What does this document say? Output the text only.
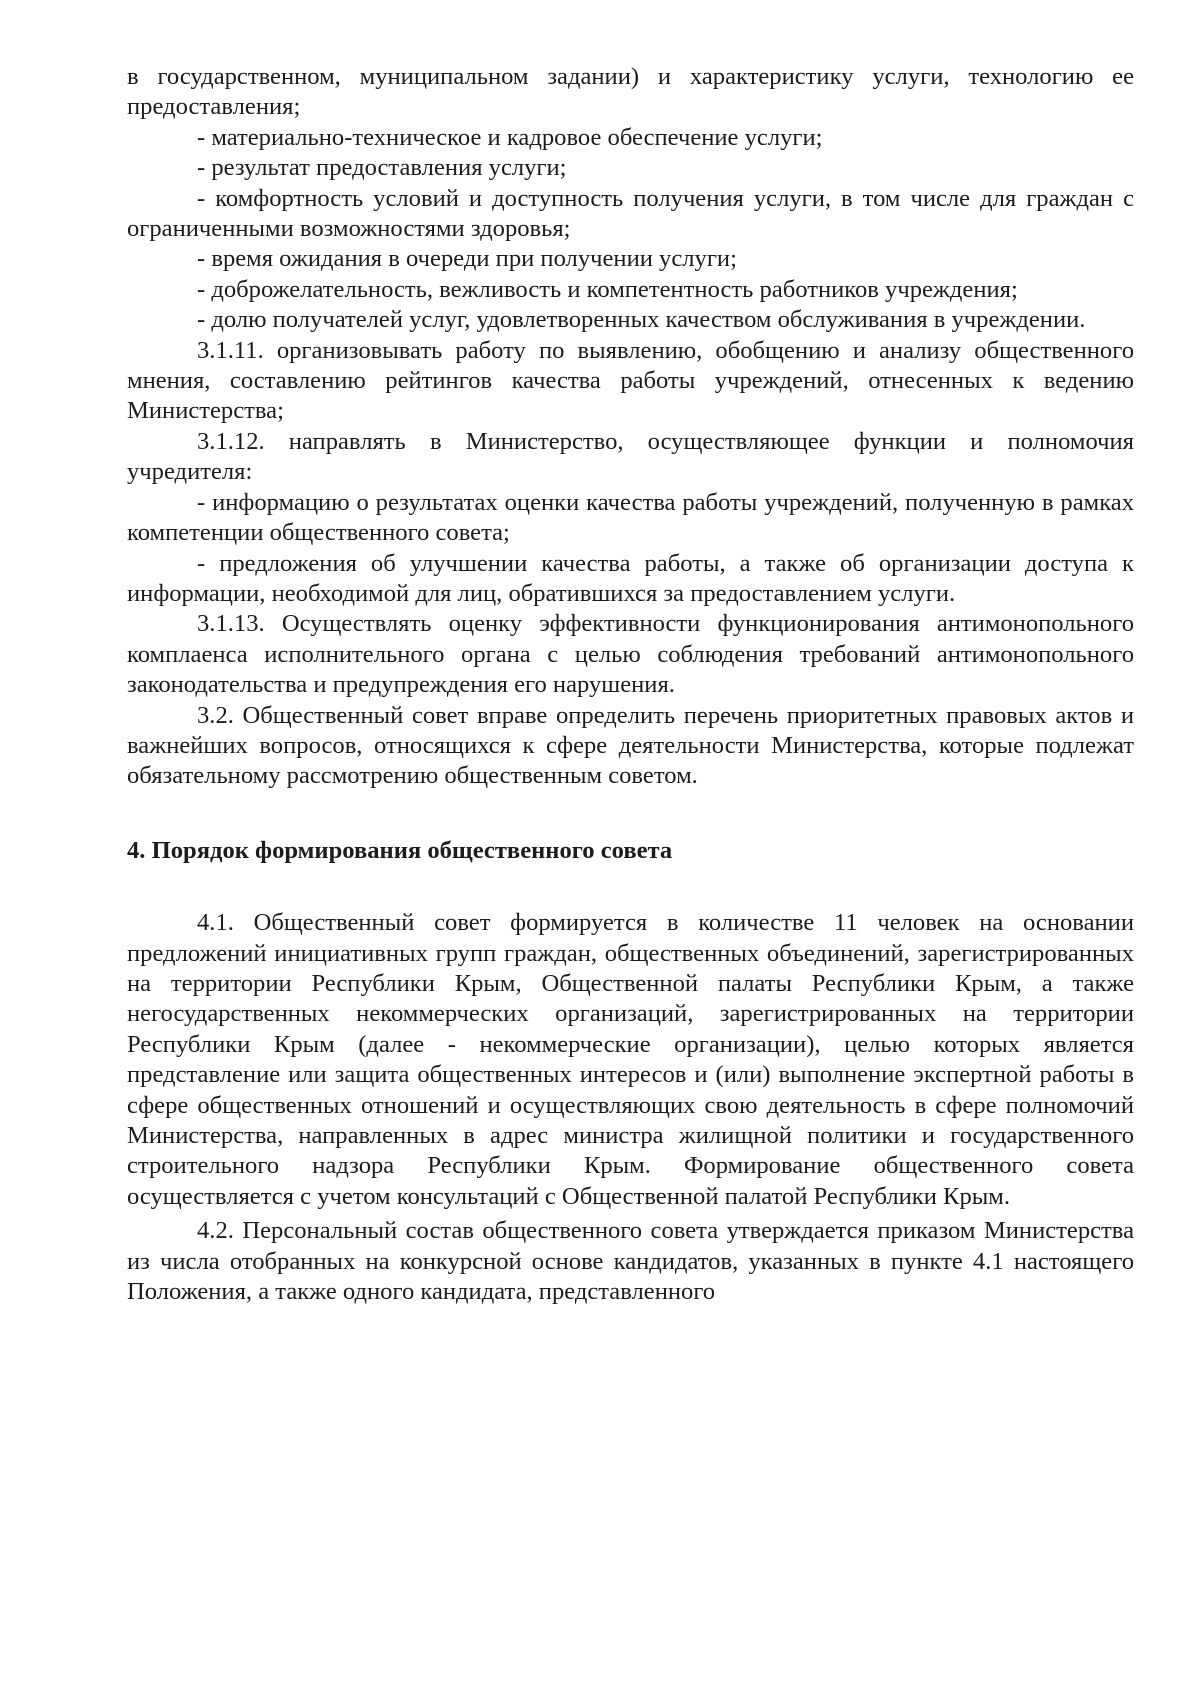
в государственном, муниципальном задании) и характеристику услуги, технологию ее предоставления;

- материально-техническое и кадровое обеспечение услуги;

- результат предоставления услуги;

- комфортность условий и доступность получения услуги, в том числе для граждан с ограниченными возможностями здоровья;

- время ожидания в очереди при получении услуги;

- доброжелательность, вежливость и компетентность работников учреждения;

- долю получателей услуг, удовлетворенных качеством обслуживания в учреждении.

3.1.11. организовывать работу по выявлению, обобщению и анализу общественного мнения, составлению рейтингов качества работы учреждений, отнесенных к ведению Министерства;

3.1.12. направлять в Министерство, осуществляющее функции и полномочия учредителя:

- информацию о результатах оценки качества работы учреждений, полученную в рамках компетенции общественного совета;

- предложения об улучшении качества работы, а также об организации доступа к информации, необходимой для лиц, обратившихся за предоставлением услуги.

3.1.13. Осуществлять оценку эффективности функционирования антимонопольного комплаенса исполнительного органа с целью соблюдения требований антимонопольного законодательства и предупреждения его нарушения.

3.2. Общественный совет вправе определить перечень приоритетных правовых актов и важнейших вопросов, относящихся к сфере деятельности Министерства, которые подлежат обязательному рассмотрению общественным советом.

4. Порядок формирования общественного совета

4.1. Общественный совет формируется в количестве 11 человек на основании предложений инициативных групп граждан, общественных объединений, зарегистрированных на территории Республики Крым, Общественной палаты Республики Крым, а также негосударственных некоммерческих организаций, зарегистрированных на территории Республики Крым (далее - некоммерческие организации), целью которых является представление или защита общественных интересов и (или) выполнение экспертной работы в сфере общественных отношений и осуществляющих свою деятельность в сфере полномочий Министерства, направленных в адрес министра жилищной политики и государственного строительного надзора Республики Крым. Формирование общественного совета осуществляется с учетом консультаций с Общественной палатой Республики Крым.

4.2. Персональный состав общественного совета утверждается приказом Министерства из числа отобранных на конкурсной основе кандидатов, указанных в пункте 4.1 настоящего Положения, а также одного кандидата, представленного
